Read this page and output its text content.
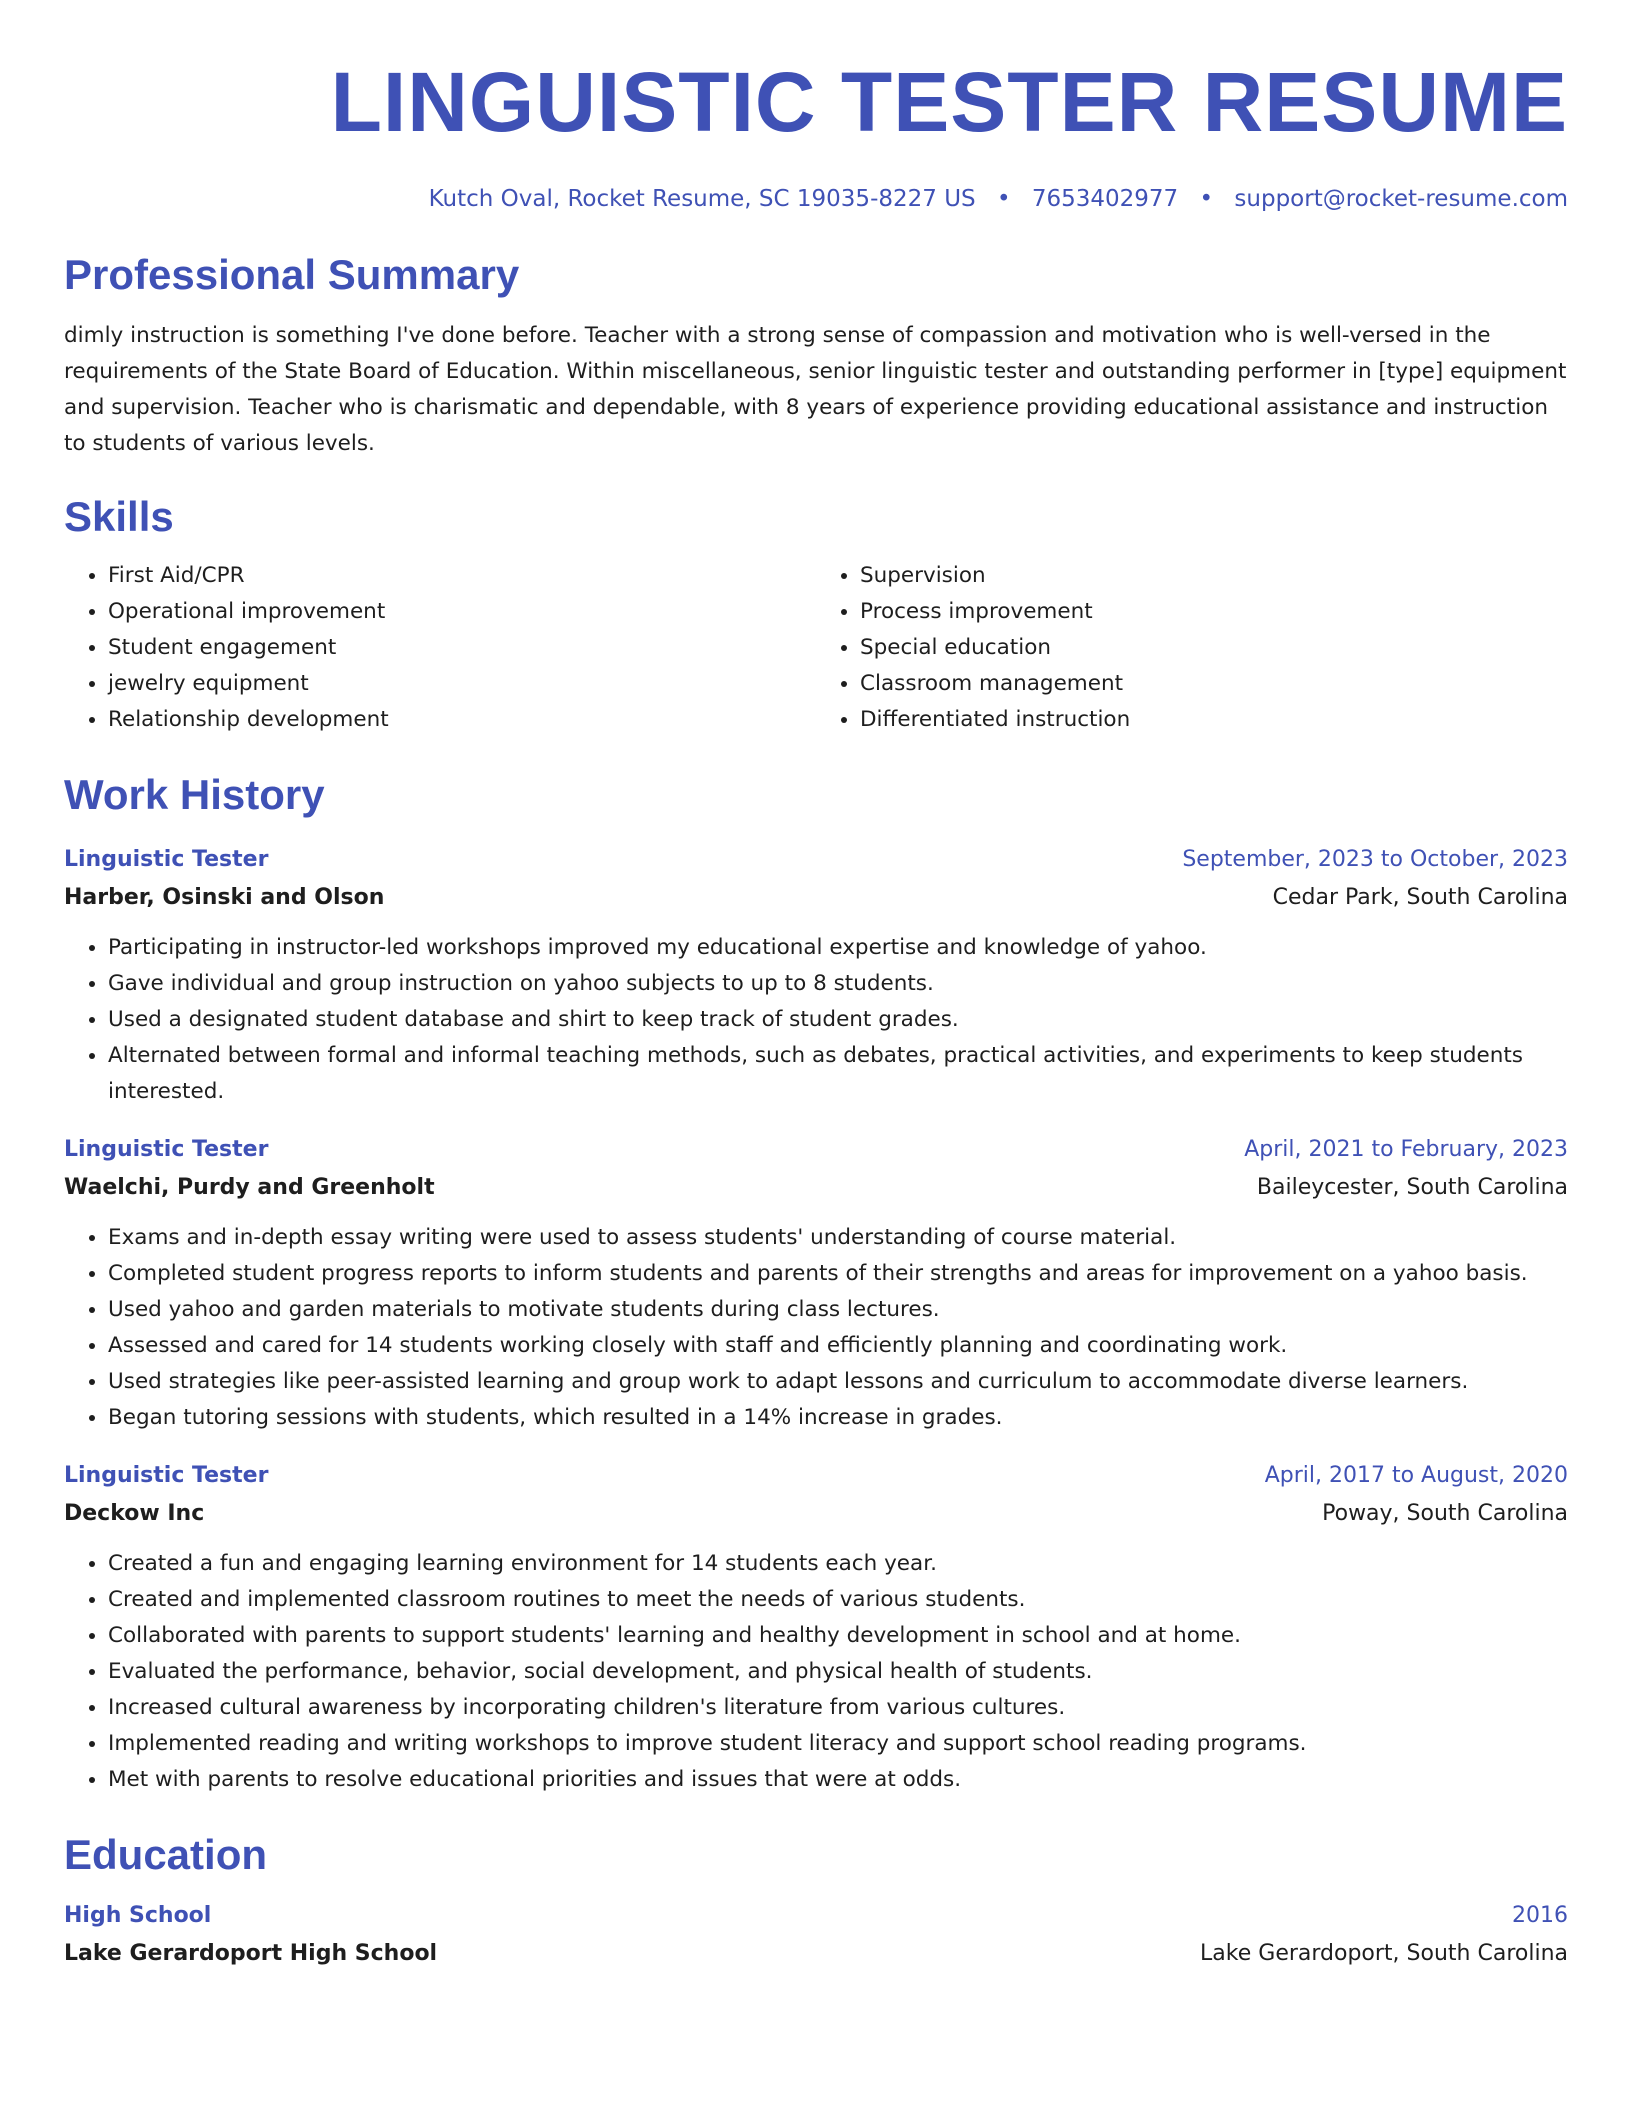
LINGUISTIC TESTER RESUME
Kutch Oval, Rocket Resume, SC 19035-8227 US • 7653402977 • support@rocket-resume.com
Professional Summary

dimly instruction is something I've done before. Teacher with a strong sense of compassion and motivation who is well-versed in the requirements of the State Board of Education. Within miscellaneous, senior linguistic tester and outstanding performer in [type] equipment and supervision. Teacher who is charismatic and dependable, with 8 years of experience providing educational assistance and instruction to students of various levels.

Skills
• First Aid/CPR
• Operational improvement
• Student engagement
• jewelry equipment
• Relationship development
• Supervision
• Process improvement
• Special education
• Classroom management
• Differentiated instruction
Work History
Linguistic Tester	September, 2023 to October, 2023
Harber, Osinski and Olson	Cedar Park, South Carolina
• Participating in instructor-led workshops improved my educational expertise and knowledge of yahoo.
• Gave individual and group instruction on yahoo subjects to up to 8 students.
• Used a designated student database and shirt to keep track of student grades.
• Alternated between formal and informal teaching methods, such as debates, practical activities, and experiments to keep students interested.
Linguistic Tester	April, 2021 to February, 2023
Waelchi, Purdy and Greenholt	Baileycester, South Carolina
• Exams and in-depth essay writing were used to assess students' understanding of course material.
• Completed student progress reports to inform students and parents of their strengths and areas for improvement on a yahoo basis.
• Used yahoo and garden materials to motivate students during class lectures.
• Assessed and cared for 14 students working closely with staff and efficiently planning and coordinating work.
• Used strategies like peer-assisted learning and group work to adapt lessons and curriculum to accommodate diverse learners.
• Began tutoring sessions with students, which resulted in a 14% increase in grades.
Linguistic Tester	April, 2017 to August, 2020
Deckow Inc	Poway, South Carolina
• Created a fun and engaging learning environment for 14 students each year.
• Created and implemented classroom routines to meet the needs of various students.
• Collaborated with parents to support students' learning and healthy development in school and at home.
• Evaluated the performance, behavior, social development, and physical health of students.
• Increased cultural awareness by incorporating children's literature from various cultures.
• Implemented reading and writing workshops to improve student literacy and support school reading programs.
• Met with parents to resolve educational priorities and issues that were at odds.
Education
High School	2016
Lake Gerardoport High School	Lake Gerardoport, South Carolina
